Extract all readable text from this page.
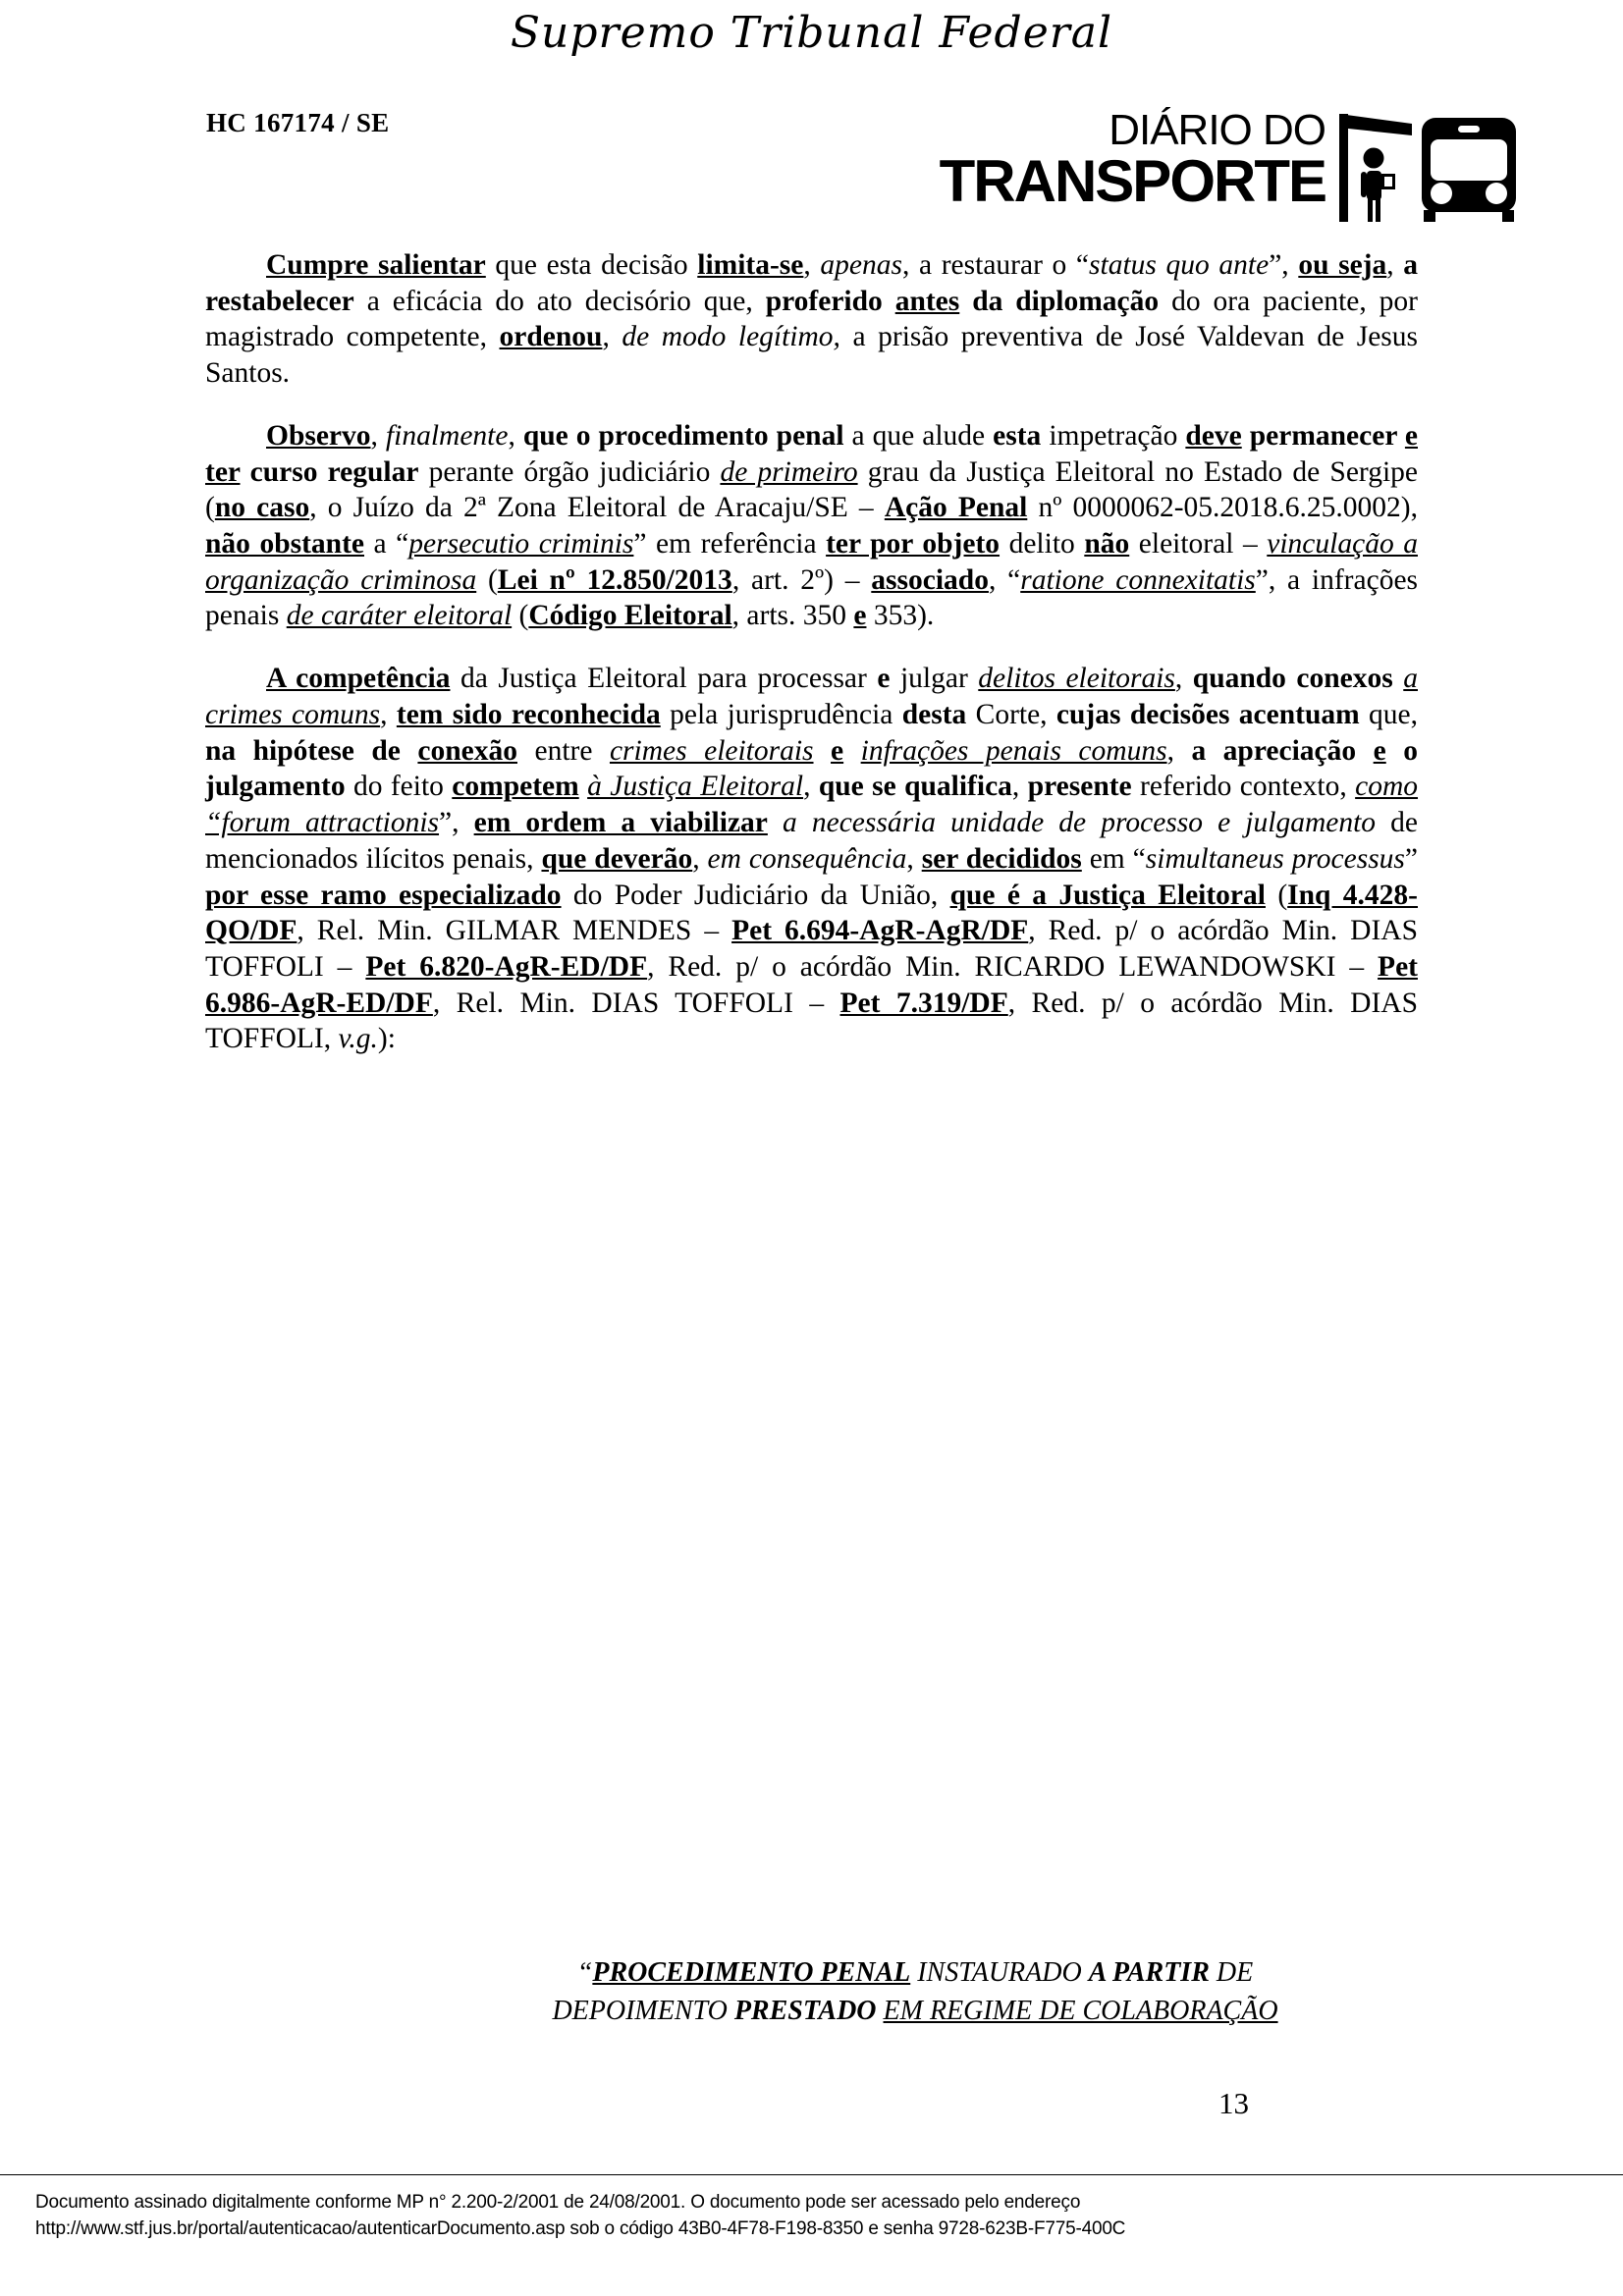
Supremo Tribunal Federal
HC 167174 / SE	DIÁRIO DO
TRANSPORTE

Cumpre salientar que esta decisão limita-se, apenas, a restaurar o “status quo ante”, ou seja, a restabelecer a eficácia do ato decisório que, proferido antes da diplomação do ora paciente, por magistrado competente, ordenou, de modo legítimo, a prisão preventiva de José Valdevan de Jesus Santos.

Observo, finalmente, que o procedimento penal a que alude esta impetração deve permanecer e ter curso regular perante órgão judiciário de primeiro grau da Justiça Eleitoral no Estado de Sergipe (no caso, o Juízo da 2ª Zona Eleitoral de Aracaju/SE – Ação Penal nº 0000062-05.2018.6.25.0002), não obstante a “persecutio criminis” em referência ter por objeto delito não eleitoral – vinculação a organização criminosa (Lei nº 12.850/2013, art. 2º) – associado, “ratione connexitatis”, a infrações penais de caráter eleitoral (Código Eleitoral, arts. 350 e 353).

A competência da Justiça Eleitoral para processar e julgar delitos eleitorais, quando conexos a crimes comuns, tem sido reconhecida pela jurisprudência desta Corte, cujas decisões acentuam que, na hipótese de conexão entre crimes eleitorais e infrações penais comuns, a apreciação e o julgamento do feito competem à Justiça Eleitoral, que se qualifica, presente referido contexto, como “forum attractionis”, em ordem a viabilizar a necessária unidade de processo e julgamento de mencionados ilícitos penais, que deverão, em consequência, ser decididos em “simultaneus processus” por esse ramo especializado do Poder Judiciário da União, que é a Justiça Eleitoral (Inq 4.428-QO/DF, Rel. Min. GILMAR MENDES – Pet 6.694-AgR-AgR/DF, Red. p/ o acórdão Min. DIAS TOFFOLI – Pet 6.820-AgR-ED/DF, Red. p/ o acórdão Min. RICARDO LEWANDOWSKI – Pet 6.986-AgR-ED/DF, Rel. Min. DIAS TOFFOLI – Pet 7.319/DF, Red. p/ o acórdão Min. DIAS TOFFOLI, v.g.):

“PROCEDIMENTO PENAL INSTAURADO A PARTIR DE
DEPOIMENTO PRESTADO EM REGIME DE COLABORAÇÃO
13
Documento assinado digitalmente conforme MP n° 2.200-2/2001 de 24/08/2001. O documento pode ser acessado pelo endereço
http://www.stf.jus.br/portal/autenticacao/autenticarDocumento.asp sob o código 43B0-4F78-F198-8350 e senha 9728-623B-F775-400C
